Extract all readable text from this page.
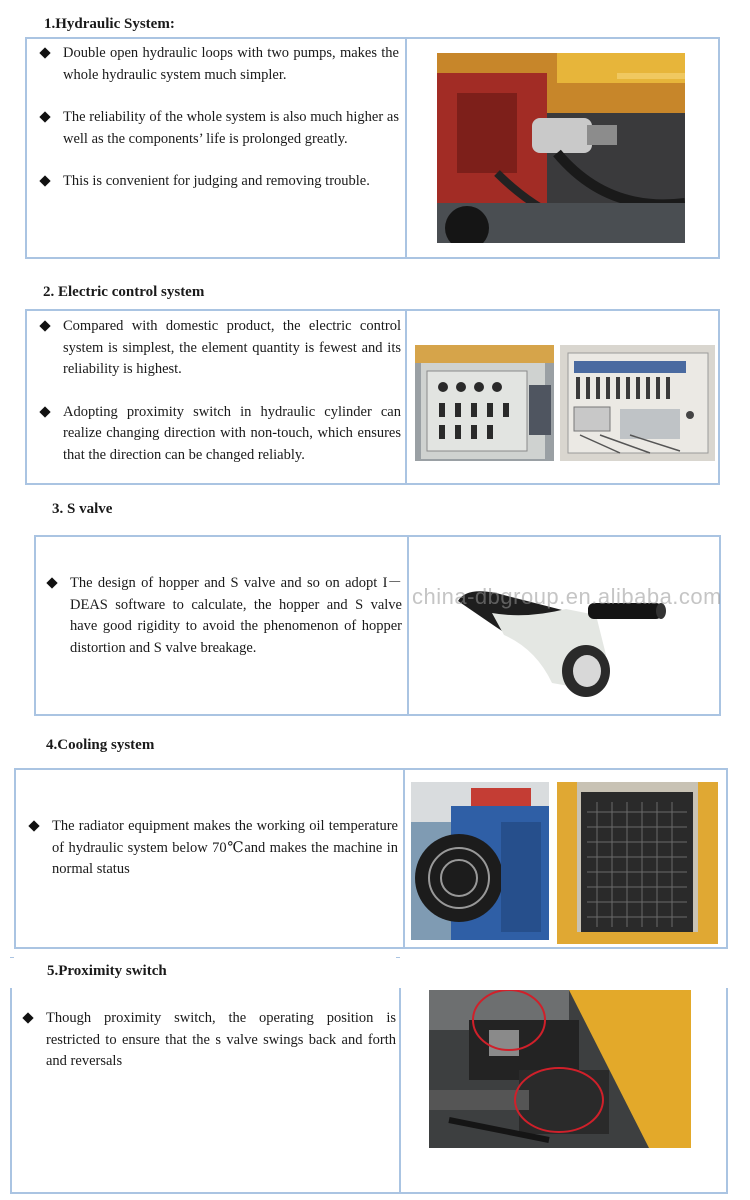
1.Hydraulic System:

Double open hydraulic loops with two pumps, makes the whole hydraulic system much simpler.

The reliability of the whole system is also much higher as well as the components’ life is prolonged greatly.

This is convenient for judging and removing trouble.

2. Electric control system

Compared with domestic product, the electric control system is simplest, the element quantity is fewest and its reliability is highest.

Adopting proximity switch in hydraulic cylinder can realize changing direction with non-touch, which ensures that the direction can be changed reliably.

3. S valve

The design of hopper and S valve and so on adopt I－DEAS software to calculate, the hopper and S valve have good rigidity to avoid the phenomenon of hopper distortion and S valve breakage.

china-dbgroup.en.alibaba.com
4.Cooling system

The radiator equipment makes the working oil temperature of hydraulic system below 70℃and makes the machine in normal status

5.Proximity switch

Though proximity switch, the operating position is restricted to ensure that the s valve swings back and forth and reversals
